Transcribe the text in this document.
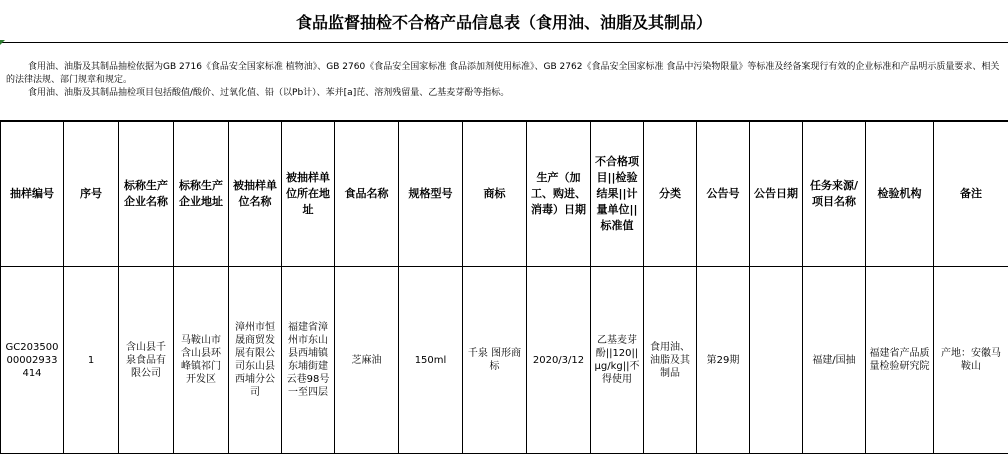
食品监督抽检不合格产品信息表（食用油、油脂及其制品）

食用油、油脂及其制品抽检依据为GB 2716《食品安全国家标准 植物油》、GB 2760《食品安全国家标准 食品添加剂使用标准》、GB 2762《食品安全国家标准 食品中污染物限量》等标准及经备案现行有效的企业标准和产品明示质量要求、相关的法律法规、部门规章和规定。

食用油、油脂及其制品抽检项目包括酸值/酸价、过氧化值、铅（以Pb计）、苯并[a]芘、溶剂残留量、乙基麦芽酚等指标。

抽样编号	序号	标称生产企业名称	标称生产企业地址	被抽样单位名称	被抽样单位所在地址	食品名称	规格型号	商标	生产（加工、购进、消毒）日期	不合格项目||检验结果||计量单位||标准值	分类	公告号	公告日期	任务来源/项目名称	检验机构	备注
GC20350000002933414	1	含山县千泉食品有限公司	马鞍山市含山县环峰镇祁门开发区	漳州市恒晟商贸发展有限公司东山县西埔分公司	福建省漳州市东山县西埔镇东埔街建云巷98号一至四层	芝麻油	150ml	千泉 图形商标	2020/3/12	乙基麦芽酚||120||μg/kg||不得使用	食用油、油脂及其制品	第29期		福建/国抽	福建省产品质量检验研究院	产地：安徽马鞍山
